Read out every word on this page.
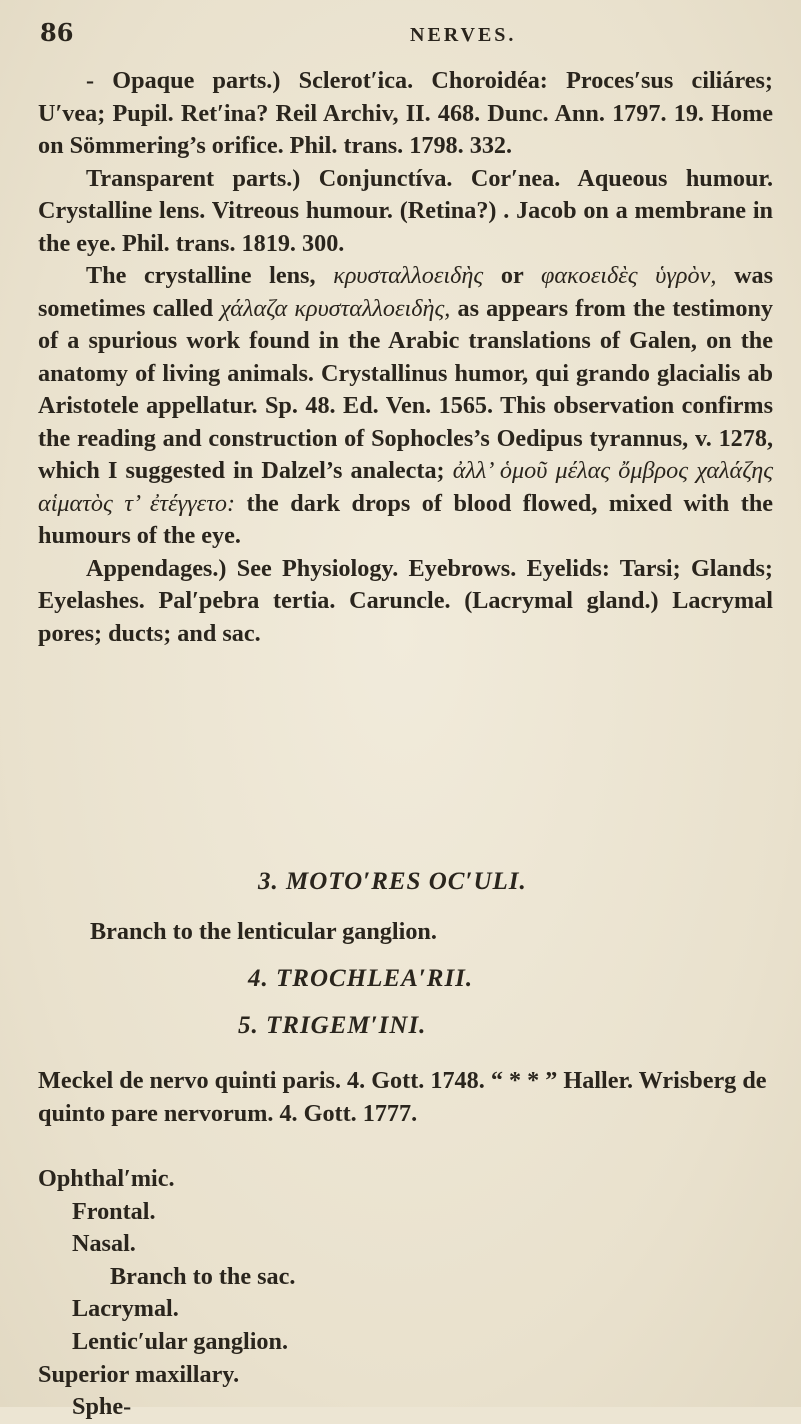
86	NERVES.

- Opaque parts.) Sclerot′ica. Choroidéa: Proces′sus ciliáres; U′vea; Pupil. Ret′ina? Reil Archiv, II. 468. Dunc. Ann. 1797. 19. Home on Sömmering’s orifice. Phil. trans. 1798. 332.

Transparent parts.) Conjunctíva. Cor′nea. Aqueous humour. Crystalline lens. Vitreous humour. (Retina?) . Jacob on a membrane in the eye. Phil. trans. 1819. 300.

The crystalline lens, κρυσταλλοειδὴς or φακοειδὲς ὑγρὸν, was sometimes called χάλαζα κρυσταλλοειδὴς, as appears from the testimony of a spurious work found in the Arabic translations of Galen, on the anatomy of living animals. Crystallinus humor, qui grando glacialis ab Aristotele appellatur. Sp. 48. Ed. Ven. 1565. This observation confirms the reading and construction of Sophocles’s Oedipus tyrannus, v. 1278, which I suggested in Dalzel’s analecta; ἀλλ’ ὁμοῦ μέλας ὄμβρος χαλάζης αἱματὸς τ’ ἐτέγγετο: the dark drops of blood flowed, mixed with the humours of the eye.

Appendages.) See Physiology. Eyebrows. Eyelids: Tarsi; Glands; Eyelashes. Pal′pebra tertia. Caruncle. (Lacrymal gland.) Lacrymal pores; ducts; and sac.

3. MOTO′RES OC′ULI.
Branch to the lenticular ganglion.
4. TROCHLEA′RII.
5. TRIGEM′INI.

Meckel de nervo quinti paris. 4. Gott. 1748. “ * * ” Haller. Wrisberg de quinto pare nervorum. 4. Gott. 1777.

Ophthal′mic.
Frontal.
Nasal.
Branch to the sac.
Lacrymal.
Lentic′ular ganglion.
Superior maxillary.
Sphe-
